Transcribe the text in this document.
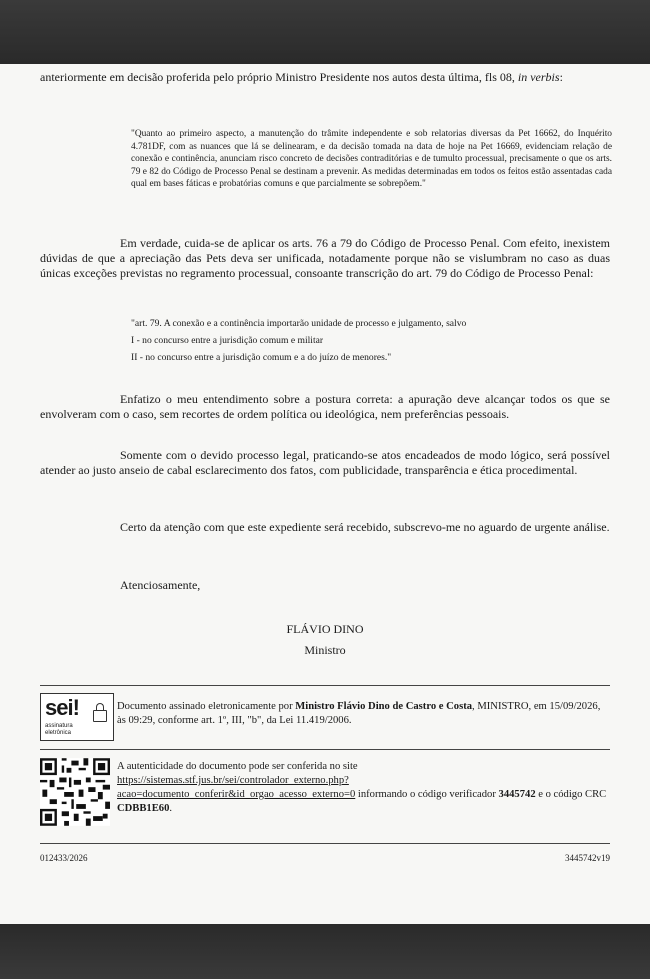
anteriormente em decisão proferida pelo próprio Ministro Presidente nos autos desta última, fls 08, in verbis:

"Quanto ao primeiro aspecto, a manutenção do trâmite independente e sob relatorias diversas da Pet 16662, do Inquérito 4.781DF, com as nuances que lá se delinearam, e da decisão tomada na data de hoje na Pet 16669, evidenciam relação de conexão e continência, anunciam risco concreto de decisões contraditórias e de tumulto processual, precisamente o que os arts. 79 e 82 do Código de Processo Penal se destinam a prevenir. As medidas determinadas em todos os feitos estão assentadas cada qual em bases fáticas e probatórias comuns e que parcialmente se sobrepõem."

Em verdade, cuida-se de aplicar os arts. 76 a 79 do Código de Processo Penal. Com efeito, inexistem dúvidas de que a apreciação das Pets deva ser unificada, notadamente porque não se vislumbram no caso as duas únicas exceções previstas no regramento processual, consoante transcrição do art. 79 do Código de Processo Penal:

"art. 79. A conexão e a continência importarão unidade de processo e julgamento, salvo

I - no concurso entre a jurisdição comum e militar

II - no concurso entre a jurisdição comum e a do juízo de menores."

Enfatizo o meu entendimento sobre a postura correta: a apuração deve alcançar todos os que se envolveram com o caso, sem recortes de ordem política ou ideológica, nem preferências pessoais.

Somente com o devido processo legal, praticando-se atos encadeados de modo lógico, será possível atender ao justo anseio de cabal esclarecimento dos fatos, com publicidade, transparência e ética procedimental.

Certo da atenção com que este expediente será recebido, subscrevo-me no aguardo de urgente análise.

Atenciosamente,

FLÁVIO DINO
Ministro
sei!
assinatura
eletrônica

Documento assinado eletronicamente por Ministro Flávio Dino de Castro e Costa, MINISTRO, em 15/09/2026, às 09:29, conforme art. 1º, III, "b", da Lei 11.419/2006.

A autenticidade do documento pode ser conferida no site
https://sistemas.stf.jus.br/sei/controlador_externo.php?
acao=documento_conferir&id_orgao_acesso_externo=0 informando o código verificador 3445742 e o código CRC CDBB1E60.

012433/2026	3445742v19
